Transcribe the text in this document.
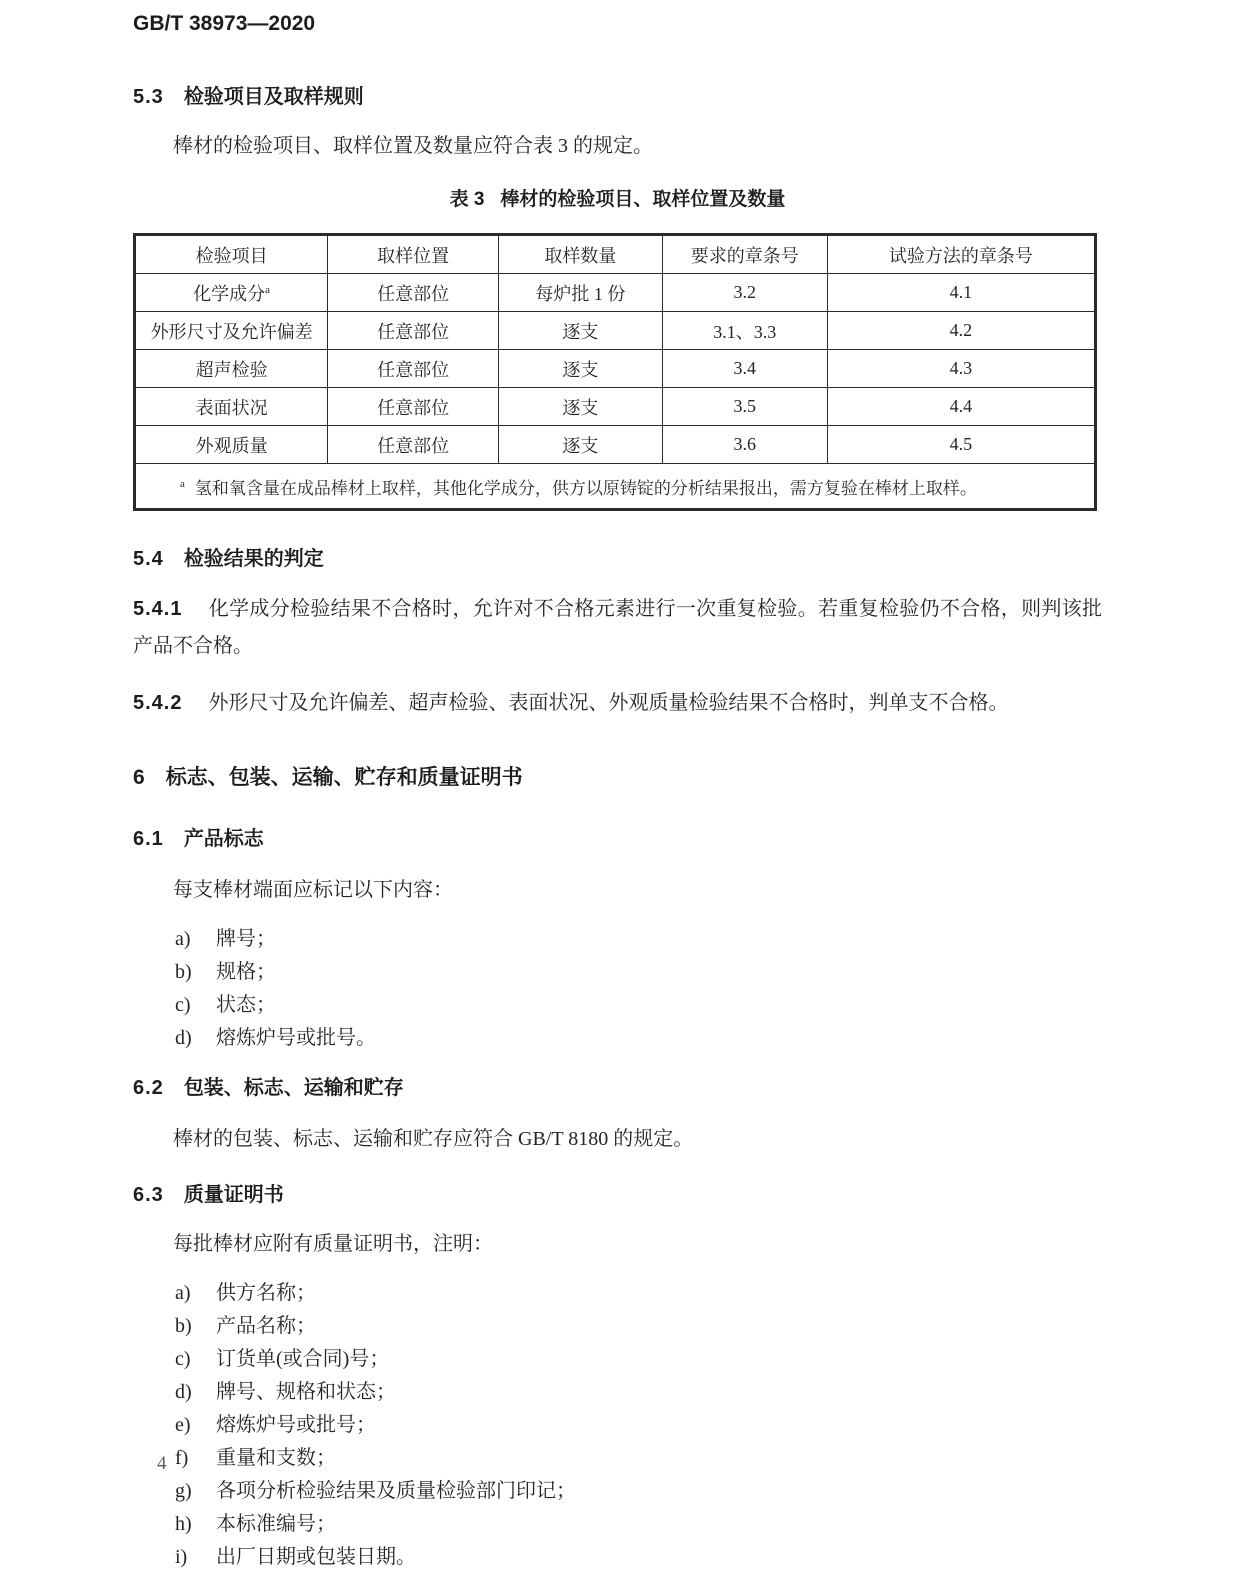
GB/T 38973—2020
5.3 检验项目及取样规则

棒材的检验项目、取样位置及数量应符合表 3 的规定。

表 3 棒材的检验项目、取样位置及数量
检验项目	取样位置	取样数量	要求的章条号	试验方法的章条号
化学成分$^a$	任意部位	每炉批 1 份	3.2	4.1
外形尺寸及允许偏差	任意部位	逐支	3.1、3.3	4.2
超声检验	任意部位	逐支	3.4	4.3
表面状况	任意部位	逐支	3.5	4.4
外观质量	任意部位	逐支	3.6	4.5
$^a$ 氢和氧含量在成品棒材上取样，其他化学成分，供方以原铸锭的分析结果报出，需方复验在棒材上取样。				
5.4 检验结果的判定

5.4.1 化学成分检验结果不合格时，允许对不合格元素进行一次重复检验。若重复检验仍不合格，则判该批产品不合格。

5.4.2 外形尺寸及允许偏差、超声检验、表面状况、外观质量检验结果不合格时，判单支不合格。

6 标志、包装、运输、贮存和质量证明书
6.1 产品标志

每支棒材端面应标记以下内容：

a)	牌号；
b)	规格；
c)	状态；
d)	熔炼炉号或批号。
6.2 包装、标志、运输和贮存

棒材的包装、标志、运输和贮存应符合 GB/T 8180 的规定。

6.3 质量证明书

每批棒材应附有质量证明书，注明：

a)	供方名称；
b)	产品名称；
c)	订货单(或合同)号；
d)	牌号、规格和状态；
e)	熔炼炉号或批号；
f)	重量和支数；
g)	各项分析检验结果及质量检验部门印记；
h)	本标准编号；
i)	出厂日期或包装日期。
4
